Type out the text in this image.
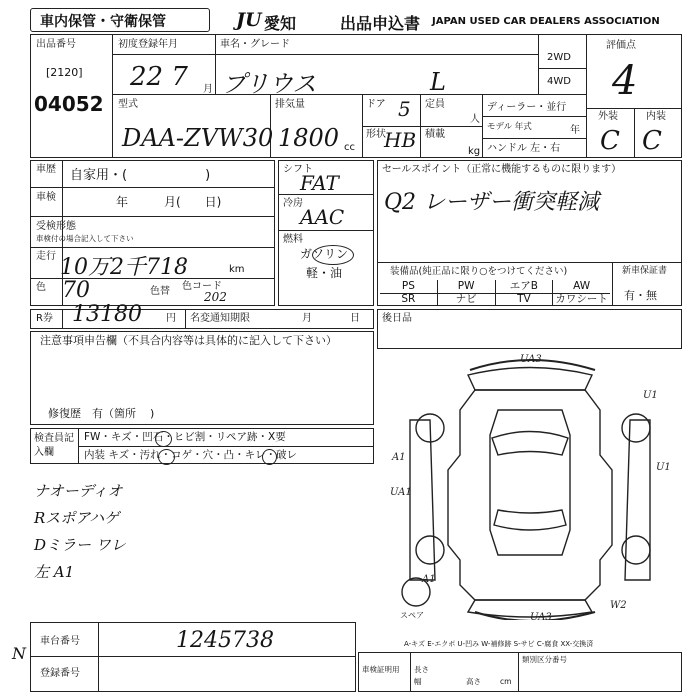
車内保管・守衛保管	JU 愛知	出品申込書 JAPAN USED CAR DEALERS ASSOCIATION
出品番号
[2120]
04052
初度登録年月
22 7 月
車名・グレード
プリウス	L
2WD
4WD
評価点
4
型式
DAA-ZVW30
排気量
1800 cc
ドア 5
形状
HB
定員
人
積載
kg
ディーラー・並行
モデル 年式	年
ハンドル 左・右
外装	内装
C C
車歴 自家用・(　　　　　　)
車検	年　　　月(　　日)
受検形態
車検付の場合記入して下さい
走行 10万2千718	km
色 70	色替 色コード
202
シフト
FAT
冷房
AAC
燃料
ガソリン
軽・油
セールスポイント（正常に機能するものに限ります）
Q2 レーザー衝突軽減
装備品(純正品に限り○をつけてください)
PS	PW	エアB	AW
SR	ナビ	TV	カワシート
新車保証書
有・無
R券 13180 円 名変通知期限	月	日 後日品
注意事項申告欄（不具合内容等は具体的に記入して下さい）
修復歴　有（箇所 )
検査員記入欄
FW・キズ・凹石・ヒビ割・リペア跡・X要
内装 キズ・汚れ・コゲ・穴・凸・キレ・破レ
ナオーディオ
Rスポアハゲ
Dミラー ワレ
左 A1
UA3
U1
A1
UA1
U1
A1
UA3
W2
スペア
A-キズ E-エクボ U-凹み W-補修跡 S-サビ C-腐食 XX-交換済
車台番号	1245738
登録番号
N
車検証明用 長さ
幅	高さ	cm
類別区分番号
